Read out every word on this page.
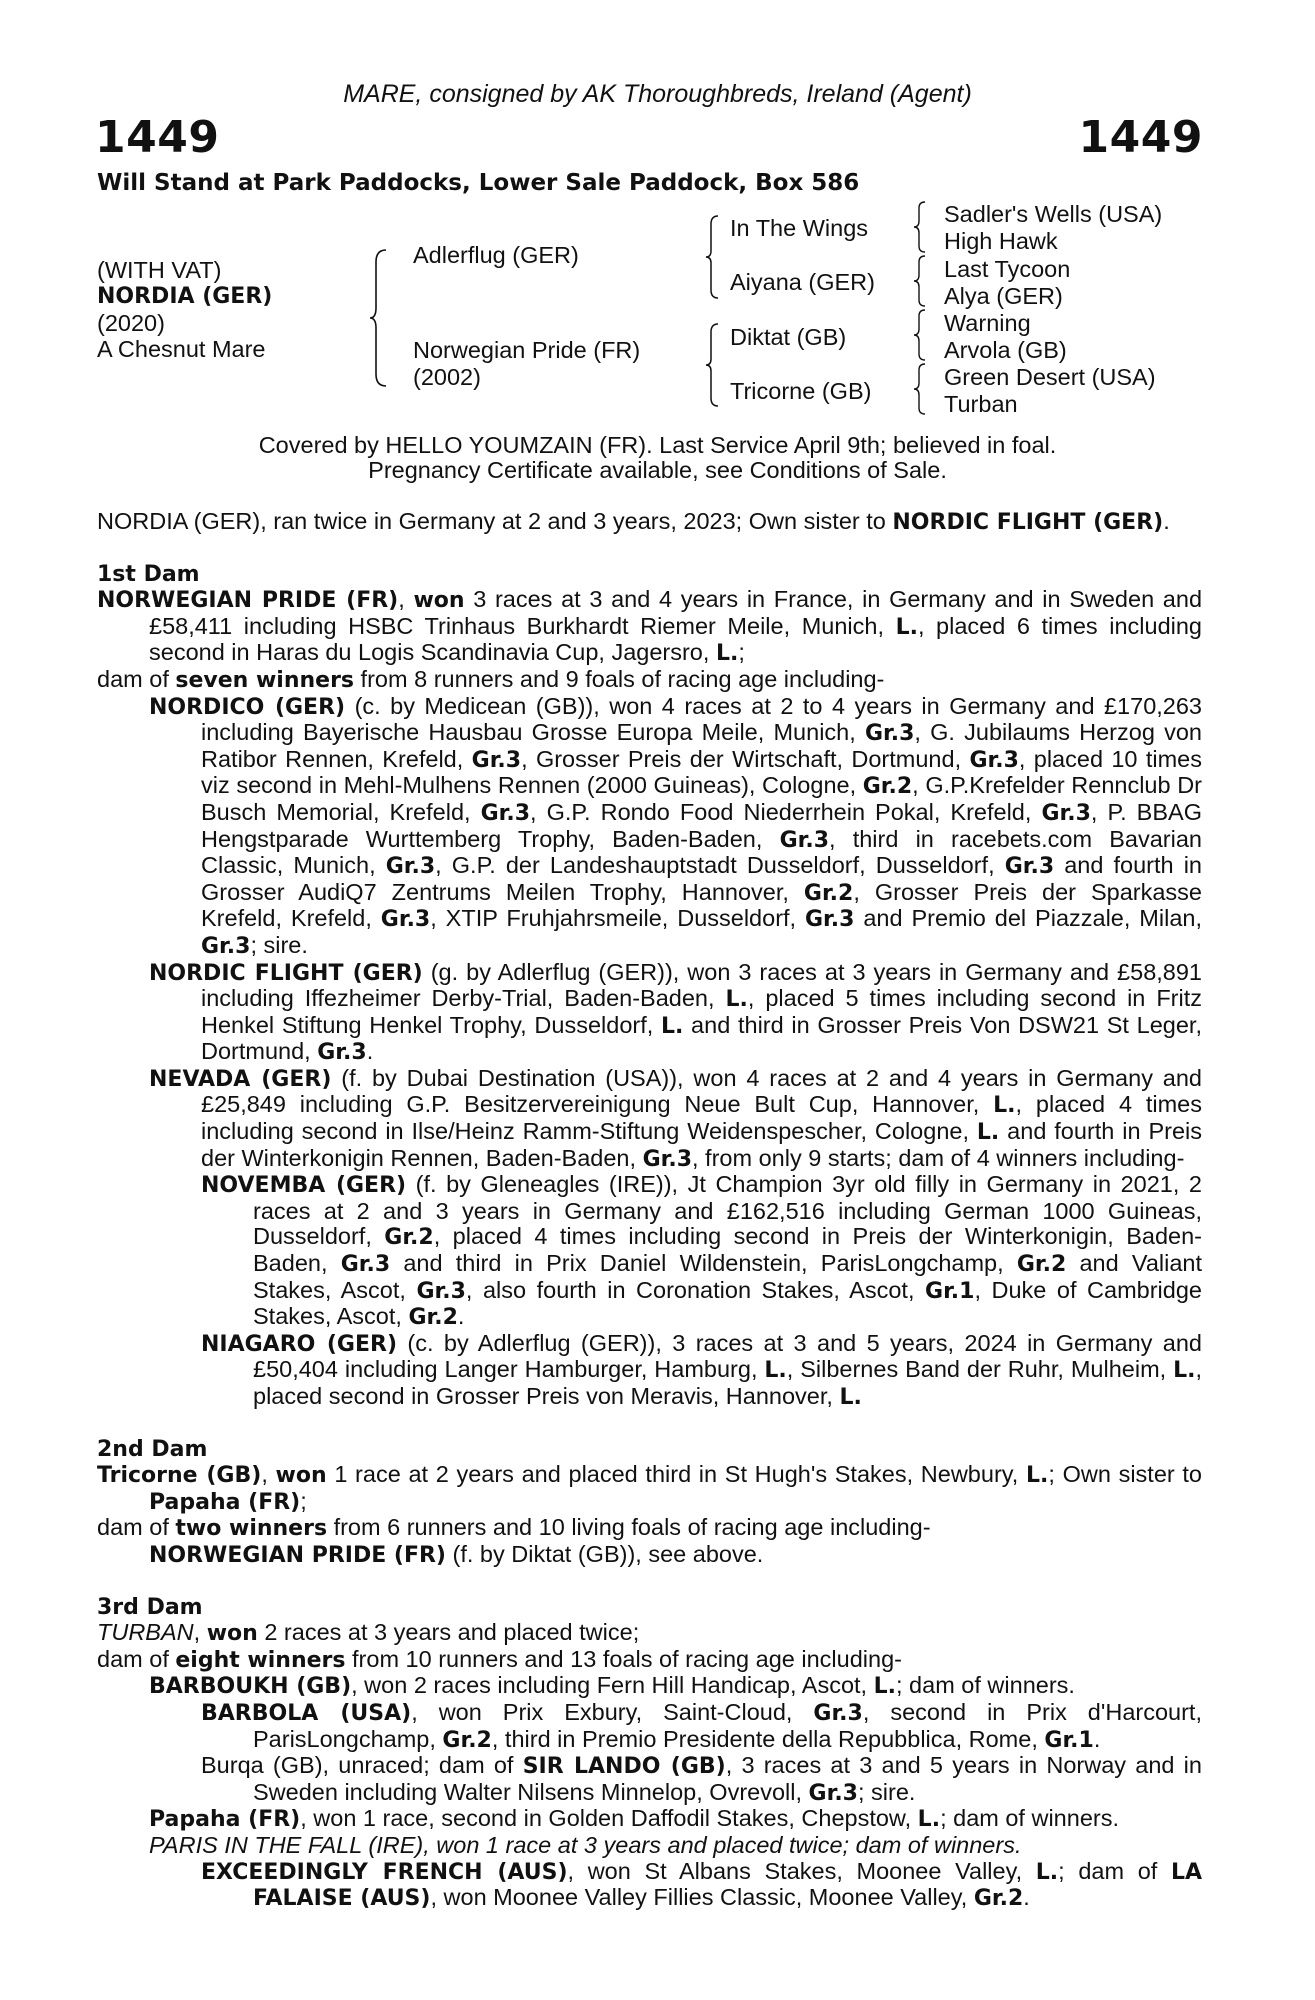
MARE, consigned by AK Thoroughbreds, Ireland (Agent)
1449	1449
Will Stand at Park Paddocks, Lower Sale Paddock, Box 586
(WITH VAT)
NORDIA (GER)
(2020)
A Chesnut Mare
Adlerflug (GER)
Norwegian Pride (FR)
(2002)
In The Wings
Aiyana (GER)
Diktat (GB)
Tricorne (GB)
Sadler's Wells (USA)
High Hawk
Last Tycoon
Alya (GER)
Warning
Arvola (GB)
Green Desert (USA)
Turban
Covered by HELLO YOUMZAIN (FR). Last Service April 9th; believed in foal.
Pregnancy Certificate available, see Conditions of Sale.

NORDIA (GER), ran twice in Germany at 2 and 3 years, 2023; Own sister to NORDIC FLIGHT (GER).

1st Dam

NORWEGIAN PRIDE (FR), won 3 races at 3 and 4 years in France, in Germany and in Sweden and £58,411 including HSBC Trinhaus Burkhardt Riemer Meile, Munich, L., placed 6 times including second in Haras du Logis Scandinavia Cup, Jagersro, L.;

dam of seven winners from 8 runners and 9 foals of racing age including-

NORDICO (GER) (c. by Medicean (GB)), won 4 races at 2 to 4 years in Germany and £170,263 including Bayerische Hausbau Grosse Europa Meile, Munich, Gr.3, G. Jubilaums Herzog von Ratibor Rennen, Krefeld, Gr.3, Grosser Preis der Wirtschaft, Dortmund, Gr.3, placed 10 times viz second in Mehl-Mulhens Rennen (2000 Guineas), Cologne, Gr.2, G.P.Krefelder Rennclub Dr Busch Memorial, Krefeld, Gr.3, G.P. Rondo Food Niederrhein Pokal, Krefeld, Gr.3, P. BBAG Hengstparade Wurttemberg Trophy, Baden-Baden, Gr.3, third in racebets.com Bavarian Classic, Munich, Gr.3, G.P. der Landeshauptstadt Dusseldorf, Dusseldorf, Gr.3 and fourth in Grosser AudiQ7 Zentrums Meilen Trophy, Hannover, Gr.2, Grosser Preis der Sparkasse Krefeld, Krefeld, Gr.3, XTIP Fruhjahrsmeile, Dusseldorf, Gr.3 and Premio del Piazzale, Milan, Gr.3; sire.

NORDIC FLIGHT (GER) (g. by Adlerflug (GER)), won 3 races at 3 years in Germany and £58,891 including Iffezheimer Derby-Trial, Baden-Baden, L., placed 5 times including second in Fritz Henkel Stiftung Henkel Trophy, Dusseldorf, L. and third in Grosser Preis Von DSW21 St Leger, Dortmund, Gr.3.

NEVADA (GER) (f. by Dubai Destination (USA)), won 4 races at 2 and 4 years in Germany and £25,849 including G.P. Besitzervereinigung Neue Bult Cup, Hannover, L., placed 4 times including second in Ilse/Heinz Ramm-Stiftung Weidenspescher, Cologne, L. and fourth in Preis der Winterkonigin Rennen, Baden-Baden, Gr.3, from only 9 starts; dam of 4 winners including-

NOVEMBA (GER) (f. by Gleneagles (IRE)), Jt Champion 3yr old filly in Germany in 2021, 2 races at 2 and 3 years in Germany and £162,516 including German 1000 Guineas, Dusseldorf, Gr.2, placed 4 times including second in Preis der Winterkonigin, Baden-Baden, Gr.3 and third in Prix Daniel Wildenstein, ParisLongchamp, Gr.2 and Valiant Stakes, Ascot, Gr.3, also fourth in Coronation Stakes, Ascot, Gr.1, Duke of Cambridge Stakes, Ascot, Gr.2.

NIAGARO (GER) (c. by Adlerflug (GER)), 3 races at 3 and 5 years, 2024 in Germany and £50,404 including Langer Hamburger, Hamburg, L., Silbernes Band der Ruhr, Mulheim, L., placed second in Grosser Preis von Meravis, Hannover, L.

2nd Dam

Tricorne (GB), won 1 race at 2 years and placed third in St Hugh's Stakes, Newbury, L.; Own sister to Papaha (FR);

dam of two winners from 6 runners and 10 living foals of racing age including-

NORWEGIAN PRIDE (FR) (f. by Diktat (GB)), see above.

3rd Dam

TURBAN, won 2 races at 3 years and placed twice;

dam of eight winners from 10 runners and 13 foals of racing age including-

BARBOUKH (GB), won 2 races including Fern Hill Handicap, Ascot, L.; dam of winners.

BARBOLA (USA), won Prix Exbury, Saint-Cloud, Gr.3, second in Prix d'Harcourt, ParisLongchamp, Gr.2, third in Premio Presidente della Repubblica, Rome, Gr.1.

Burqa (GB), unraced; dam of SIR LANDO (GB), 3 races at 3 and 5 years in Norway and in Sweden including Walter Nilsens Minnelop, Ovrevoll, Gr.3; sire.

Papaha (FR), won 1 race, second in Golden Daffodil Stakes, Chepstow, L.; dam of winners.

PARIS IN THE FALL (IRE), won 1 race at 3 years and placed twice; dam of winners.

EXCEEDINGLY FRENCH (AUS), won St Albans Stakes, Moonee Valley, L.; dam of LA FALAISE (AUS), won Moonee Valley Fillies Classic, Moonee Valley, Gr.2.
